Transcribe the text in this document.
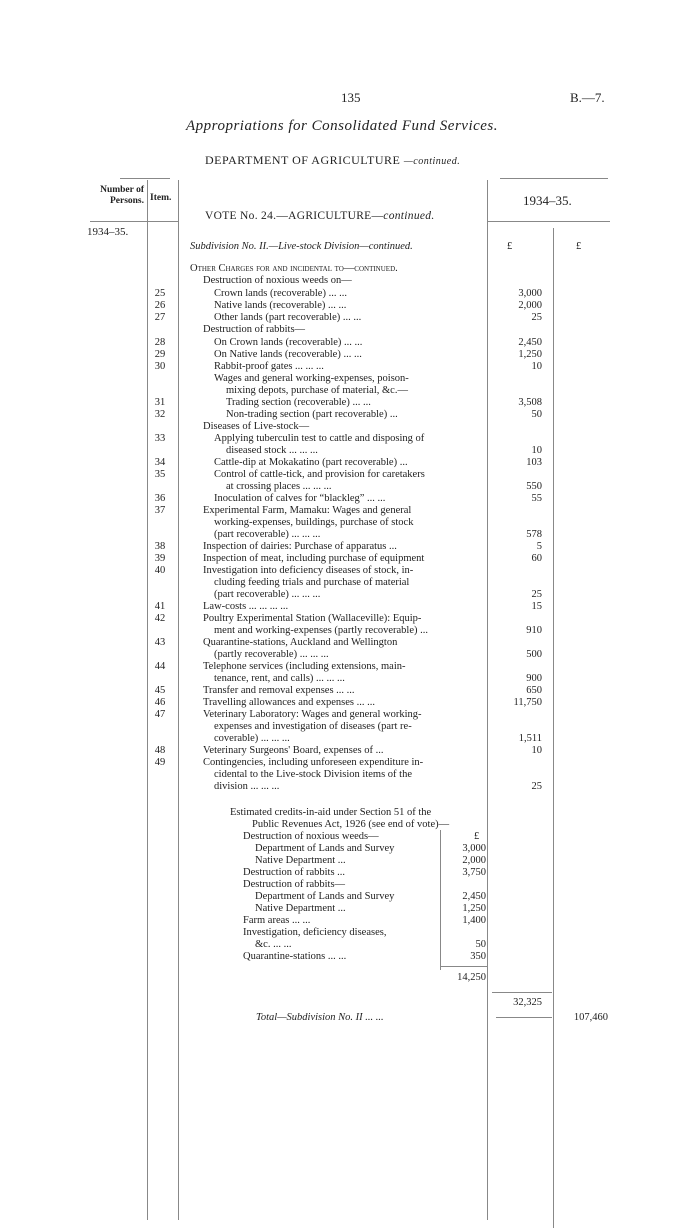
135	B.—7.
Appropriations for Consolidated Fund Services.
DEPARTMENT OF AGRICULTURE —continued.
Number of Persons. Item.	1934–35.
1934–35.
£	£
VOTE No. 24.—AGRICULTURE—continued.
Subdivision No. II.—Live-stock Division—continued.
Other Charges for and incidental to—continued.
Destruction of noxious weeds on—
25	Crown lands (recoverable) ... ...	3,000
26	Native lands (recoverable) ... ...	2,000
27	Other lands (part recoverable) ... ...	25
Destruction of rabbits—
28	On Crown lands (recoverable) ... ...	2,450
29	On Native lands (recoverable) ... ...	1,250
30	Rabbit-proof gates ... ... ...	10
Wages and general working-expenses, poison-
mixing depots, purchase of material, &c.—
31	Trading section (recoverable) ... ...	3,508
32	Non-trading section (part recoverable) ...	50
Diseases of Live-stock—
33	Applying tuberculin test to cattle and disposing of
diseased stock ... ... ...	10
34	Cattle-dip at Mokakatino (part recoverable) ...	103
35	Control of cattle-tick, and provision for caretakers
at crossing places ... ... ...	550
36	Inoculation of calves for “blackleg” ... ...	55
37	Experimental Farm, Mamaku: Wages and general
working-expenses, buildings, purchase of stock
(part recoverable) ... ... ...	578
38	Inspection of dairies: Purchase of apparatus ...	5
39	Inspection of meat, including purchase of equipment	60
40	Investigation into deficiency diseases of stock, in-
cluding feeding trials and purchase of material
(part recoverable) ... ... ...	25
41	Law-costs ... ... ... ...	15
42	Poultry Experimental Station (Wallaceville): Equip-
ment and working-expenses (partly recoverable) ...	910
43	Quarantine-stations, Auckland and Wellington
(partly recoverable) ... ... ...	500
44	Telephone services (including extensions, main-
tenance, rent, and calls) ... ... ...	900
45	Transfer and removal expenses ... ...	650
46	Travelling allowances and expenses ... ...	11,750
47	Veterinary Laboratory: Wages and general working-
expenses and investigation of diseases (part re-
coverable) ... ... ...	1,511
48	Veterinary Surgeons' Board, expenses of ...	10
49	Contingencies, including unforeseen expenditure in-
cidental to the Live-stock Division items of the
division ... ... ...	25
Estimated credits-in-aid under Section 51 of the
Public Revenues Act, 1926 (see end of vote)—
£
Destruction of noxious weeds—
Department of Lands and Survey	3,000
Native Department ...	2,000
Destruction of rabbits ...	3,750
Destruction of rabbits—
Department of Lands and Survey	2,450
Native Department ...	1,250
Farm areas ... ...	1,400
Investigation, deficiency diseases,
&c. ... ...	50
Quarantine-stations ... ...	350
14,250
32,325
Total—Subdivision No. II ... ...	107,460
